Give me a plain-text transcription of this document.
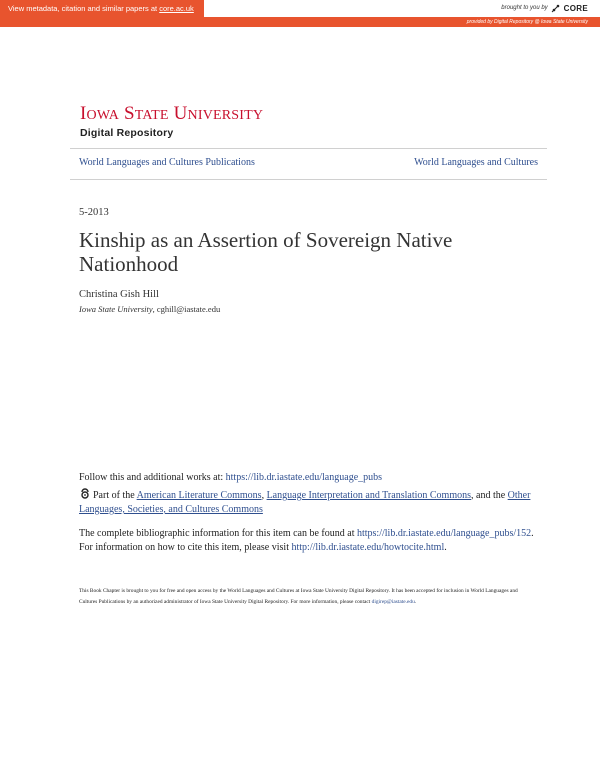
View metadata, citation and similar papers at core.ac.uk	brought to you by CORE
provided by Digital Repository @ Iowa State University
IOWA STATE UNIVERSITY
Digital Repository
World Languages and Cultures Publications	World Languages and Cultures
5-2013
Kinship as an Assertion of Sovereign Native Nationhood
Christina Gish Hill
Iowa State University, cghill@iastate.edu
Follow this and additional works at: https://lib.dr.iastate.edu/language_pubs
Part of the American Literature Commons, Language Interpretation and Translation Commons, and the Other Languages, Societies, and Cultures Commons
The complete bibliographic information for this item can be found at https://lib.dr.iastate.edu/language_pubs/152. For information on how to cite this item, please visit http://lib.dr.iastate.edu/howtocite.html.
This Book Chapter is brought to you for free and open access by the World Languages and Cultures at Iowa State University Digital Repository. It has been accepted for inclusion in World Languages and Cultures Publications by an authorized administrator of Iowa State University Digital Repository. For more information, please contact digirep@iastate.edu.
